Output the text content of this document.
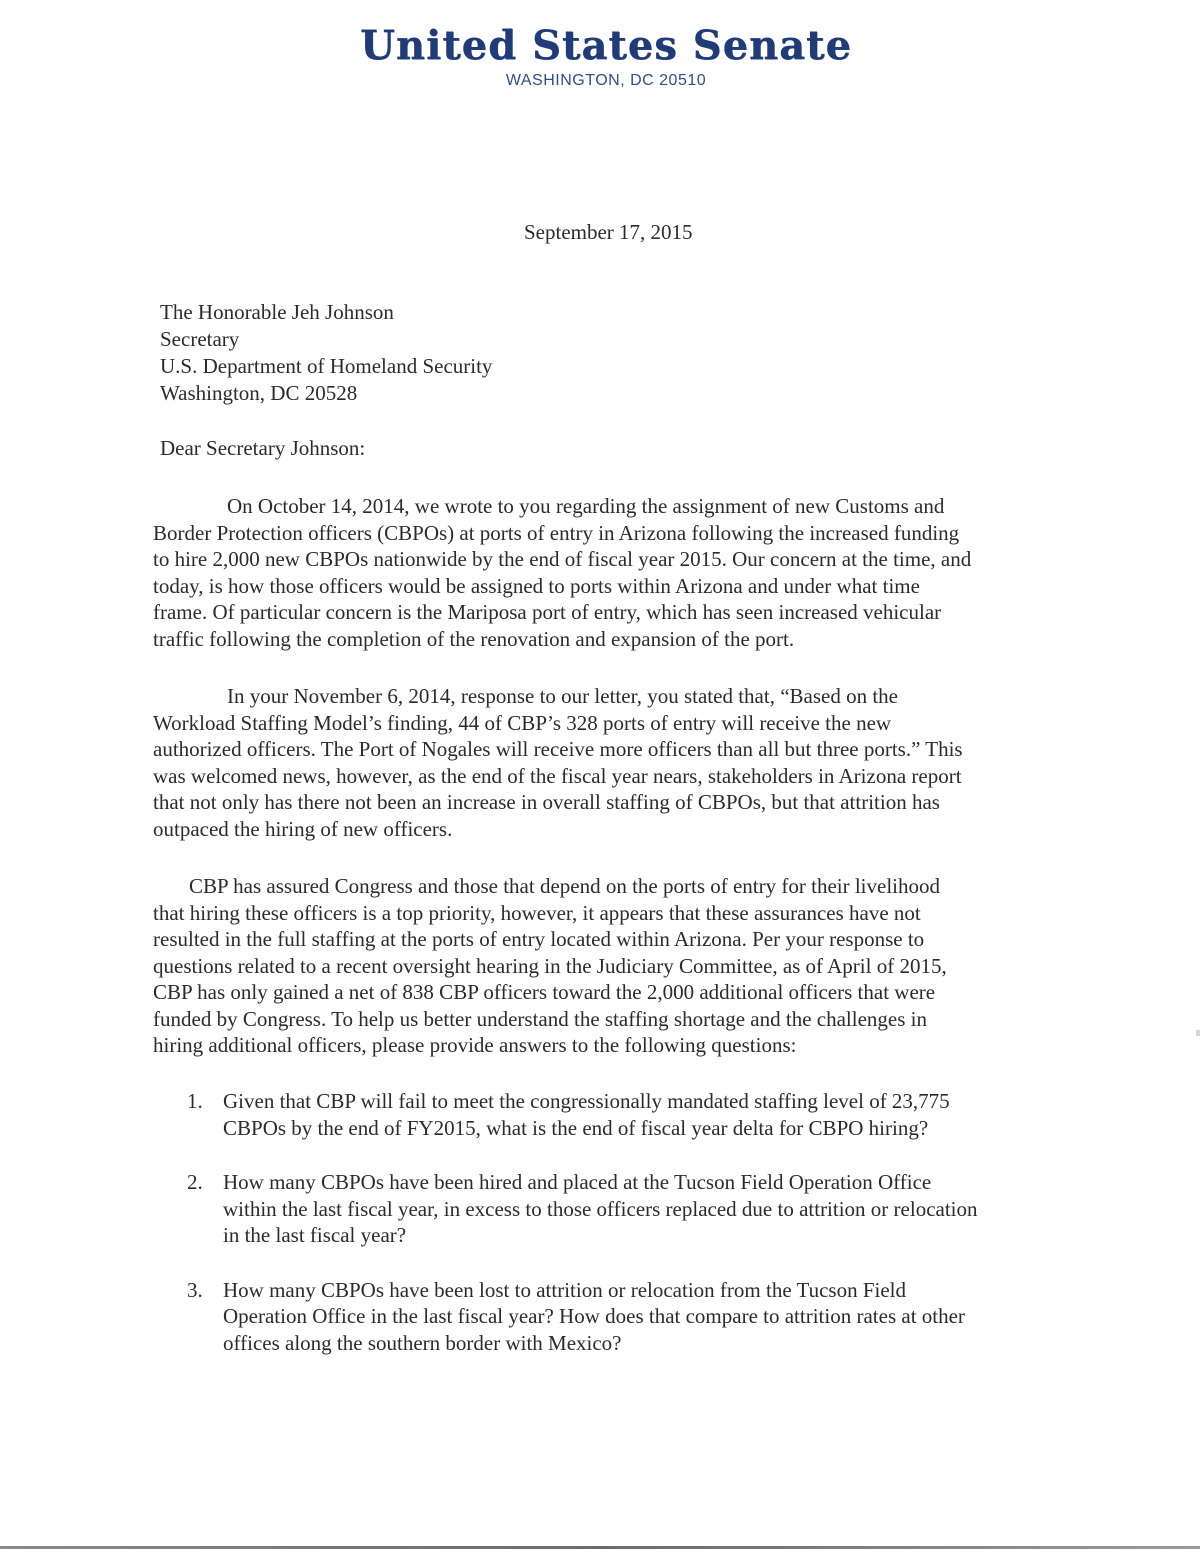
United States Senate
WASHINGTON, DC 20510
September 17, 2015
The Honorable Jeh Johnson
Secretary
U.S. Department of Homeland Security
Washington, DC 20528
Dear Secretary Johnson:
On October 14, 2014, we wrote to you regarding the assignment of new Customs and
Border Protection officers (CBPOs) at ports of entry in Arizona following the increased funding
to hire 2,000 new CBPOs nationwide by the end of fiscal year 2015. Our concern at the time, and
today, is how those officers would be assigned to ports within Arizona and under what time
frame. Of particular concern is the Mariposa port of entry, which has seen increased vehicular
traffic following the completion of the renovation and expansion of the port.
In your November 6, 2014, response to our letter, you stated that, “Based on the
Workload Staffing Model’s finding, 44 of CBP’s 328 ports of entry will receive the new
authorized officers. The Port of Nogales will receive more officers than all but three ports.” This
was welcomed news, however, as the end of the fiscal year nears, stakeholders in Arizona report
that not only has there not been an increase in overall staffing of CBPOs, but that attrition has
outpaced the hiring of new officers.
CBP has assured Congress and those that depend on the ports of entry for their livelihood
that hiring these officers is a top priority, however, it appears that these assurances have not
resulted in the full staffing at the ports of entry located within Arizona. Per your response to
questions related to a recent oversight hearing in the Judiciary Committee, as of April of 2015,
CBP has only gained a net of 838 CBP officers toward the 2,000 additional officers that were
funded by Congress. To help us better understand the staffing shortage and the challenges in
hiring additional officers, please provide answers to the following questions:
1. Given that CBP will fail to meet the congressionally mandated staffing level of 23,775
CBPOs by the end of FY2015, what is the end of fiscal year delta for CBPO hiring?
2. How many CBPOs have been hired and placed at the Tucson Field Operation Office
within the last fiscal year, in excess to those officers replaced due to attrition or relocation
in the last fiscal year?
3. How many CBPOs have been lost to attrition or relocation from the Tucson Field
Operation Office in the last fiscal year? How does that compare to attrition rates at other
offices along the southern border with Mexico?
